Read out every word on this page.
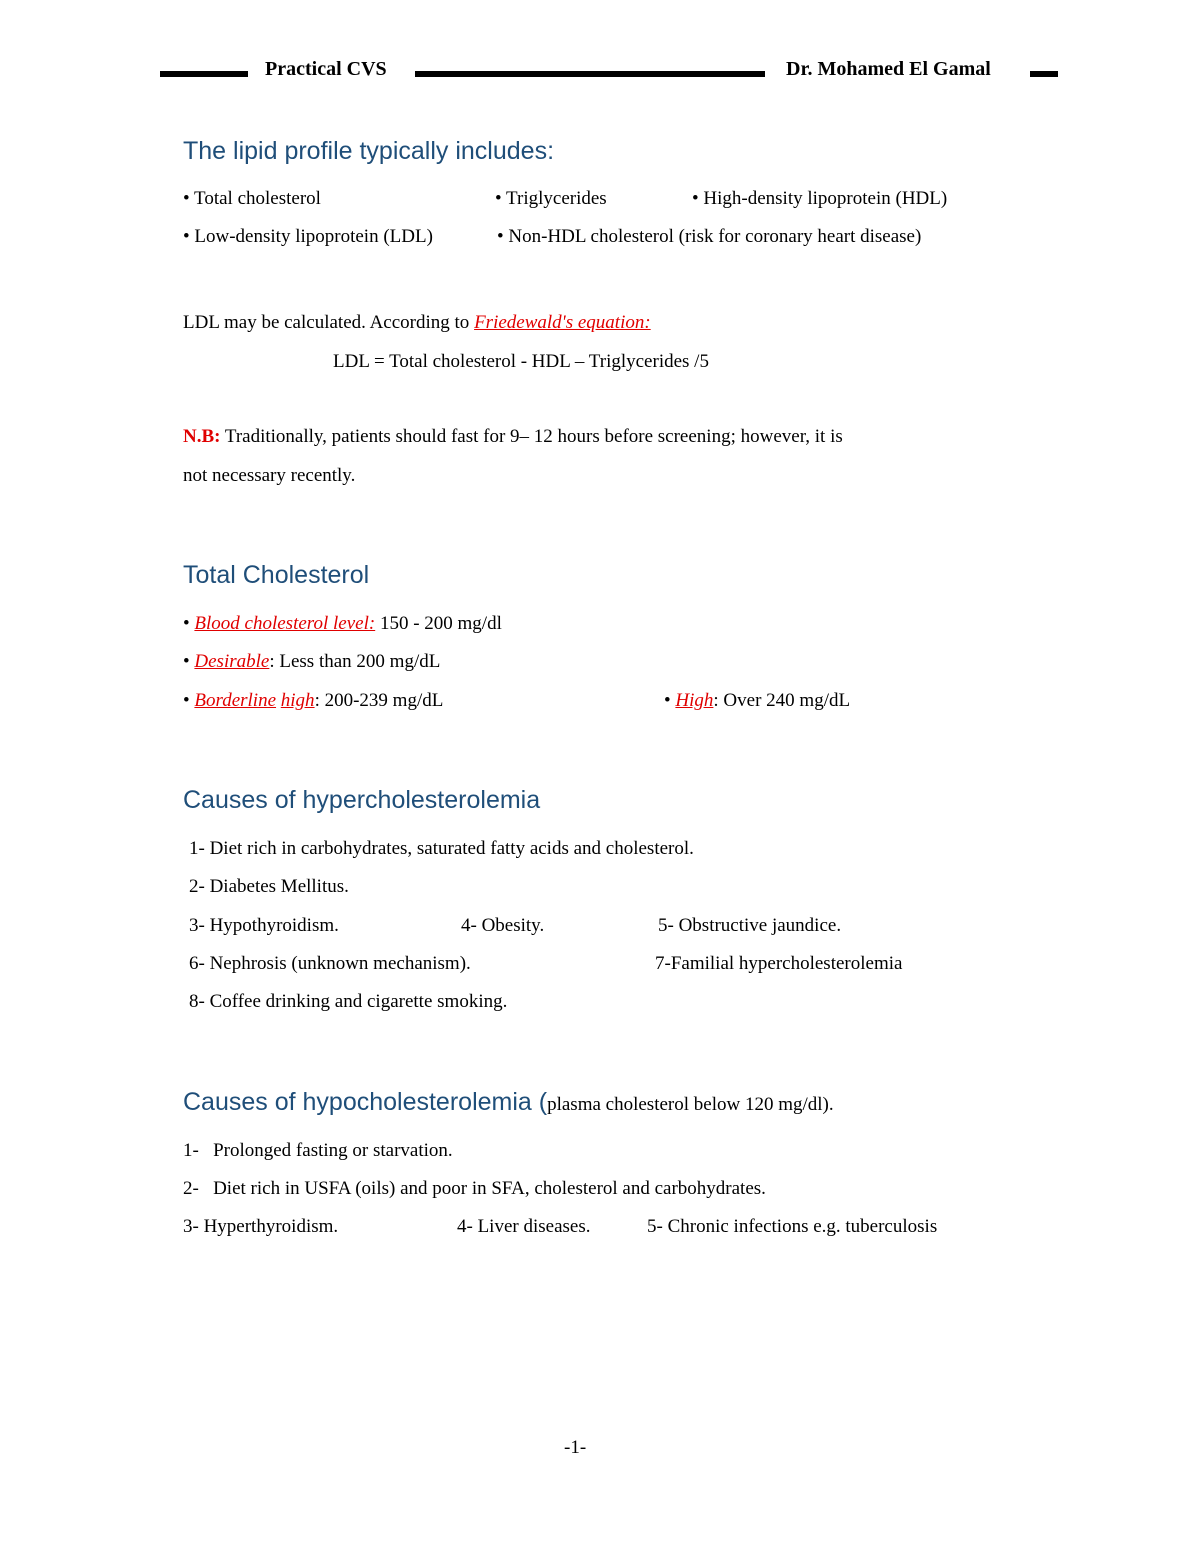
Practical CVS	Dr. Mohamed El Gamal
The lipid profile typically includes:
• Total cholesterol	• Triglycerides	• High-density lipoprotein (HDL)
• Low-density lipoprotein (LDL)	• Non-HDL cholesterol (risk for coronary heart disease)
LDL may be calculated. According to Friedewald's equation:
LDL = Total cholesterol - HDL – Triglycerides /5
N.B: Traditionally, patients should fast for 9– 12 hours before screening; however, it is
not necessary recently.
Total Cholesterol
• Blood cholesterol level: 150 - 200 mg/dl
• Desirable: Less than 200 mg/dL
• Borderline high: 200-239 mg/dL	• High: Over 240 mg/dL
Causes of hypercholesterolemia
1- Diet rich in carbohydrates, saturated fatty acids and cholesterol.
2- Diabetes Mellitus.
3- Hypothyroidism.	4- Obesity.	5- Obstructive jaundice.
6- Nephrosis (unknown mechanism).	7-Familial hypercholesterolemia
8- Coffee drinking and cigarette smoking.
Causes of hypocholesterolemia (plasma cholesterol below 120 mg/dl).
1-   Prolonged fasting or starvation.
2-   Diet rich in USFA (oils) and poor in SFA, cholesterol and carbohydrates.
3- Hyperthyroidism.	4- Liver diseases.	5- Chronic infections e.g. tuberculosis
-1-
